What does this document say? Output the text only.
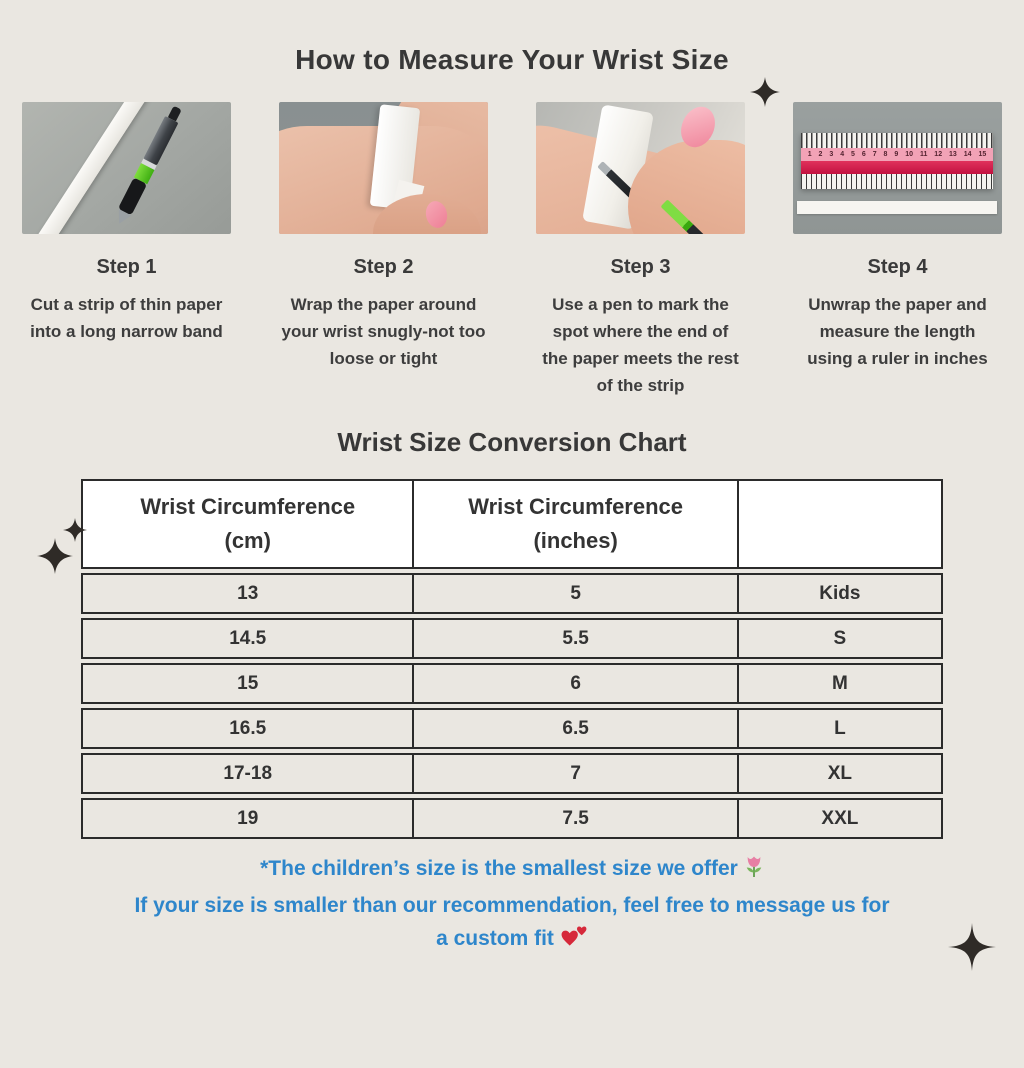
How to Measure Your Wrist Size
Step 1
Cut a strip of thin paper into a long narrow band
Step 2
Wrap the paper around your wrist snugly-not too loose or tight
Step 3
Use a pen to mark the spot where the end of the paper meets the rest of the strip
1 2 3 4 5 6 7 8 9 10 11 12 13 14 15
Step 4
Unwrap the paper and measure the length using a ruler in inches
Wrist Size Conversion Chart
Wrist Circumference
(cm)
Wrist Circumference
(inches)
13	5	Kids
14.5	5.5	S
15	6	M
16.5	6.5	L
17-18	7	XL
19	7.5	XXL
*The children’s size is the smallest size we offer
If your size is smaller than our recommendation, feel free to message us for
a custom fit
